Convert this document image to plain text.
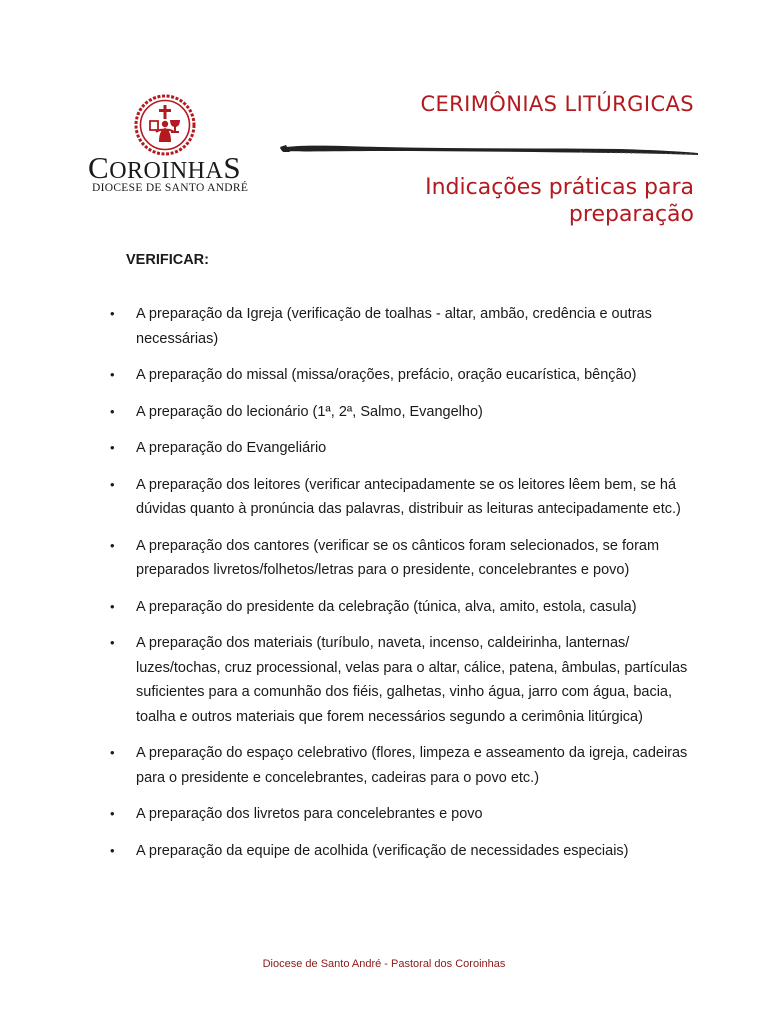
COROINHAS
DIOCESE DE SANTO ANDRÉ
CERIMÔNIAS LITÚRGICAS
Indicações práticas para preparação
VERIFICAR:
• A preparação da Igreja (verificação de toalhas - altar, ambão, credência e outras necessárias)
• A preparação do missal (missa/orações, prefácio, oração eucarística, bênção)
• A preparação do lecionário (1ª, 2ª, Salmo, Evangelho)
• A preparação do Evangeliário
• A preparação dos leitores (verificar antecipadamente se os leitores lêem bem, se há dúvidas quanto à pronúncia das palavras, distribuir as leituras antecipadamente etc.)
• A preparação dos cantores (verificar se os cânticos foram selecionados, se foram preparados livretos/folhetos/letras para o presidente, concelebrantes e povo)
• A preparação do presidente da celebração (túnica, alva, amito, estola, casula)
• A preparação dos materiais (turíbulo, naveta, incenso, caldeirinha, lanternas/ luzes/tochas, cruz processional, velas para o altar, cálice, patena, âmbulas, partículas suficientes para a comunhão dos fiéis, galhetas, vinho água, jarro com água, bacia, toalha e outros materiais que forem necessários segundo a cerimônia litúrgica)
• A preparação do espaço celebrativo (flores, limpeza e asseamento da igreja, cadeiras para o presidente e concelebrantes, cadeiras para o povo etc.)
• A preparação dos livretos para concelebrantes e povo
• A preparação da equipe de acolhida (verificação de necessidades especiais)
Diocese de Santo André - Pastoral dos Coroinhas
